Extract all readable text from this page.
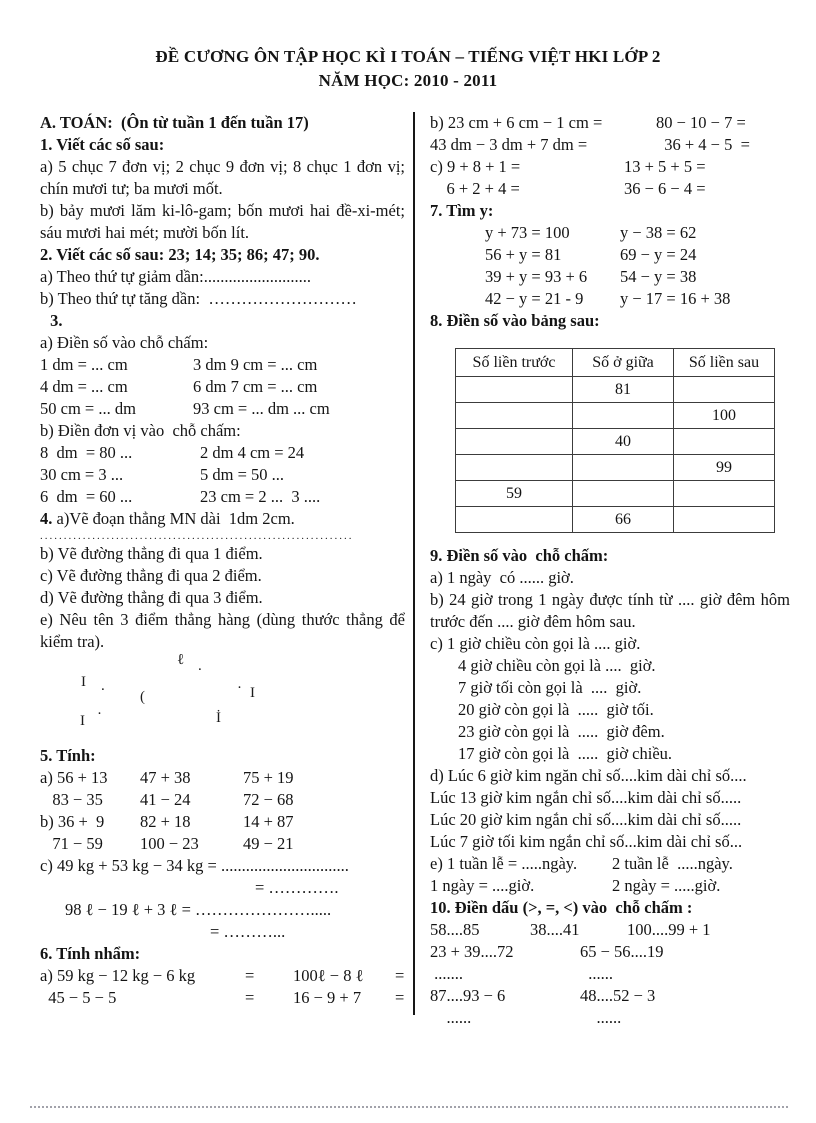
ĐỀ CƯƠNG ÔN TẬP HỌC KÌ I TOÁN – TIẾNG VIỆT HKI LỚP 2
NĂM HỌC: 2010 - 2011
A. TOÁN:  (Ôn từ tuần 1 đến tuần 17)
1. Viết các số sau:
a) 5 chục 7 đơn vị; 2 chục 9 đơn vị; 8 chục 1 đơn vị; chín mươi tư; ba mươi mốt.
b) bảy mươi lăm ki-lô-gam; bốn mươi hai đề-xi-mét; sáu mươi hai mét; mười bốn lít.
2. Viết các số sau: 23; 14; 35; 86; 47; 90.
a) Theo thứ tự giảm dần:..........................
b) Theo thứ tự tăng dần:  ………………………
3.
a) Điền số vào chỗ chấm:
1 dm = ... cm	3 dm 9 cm = ... cm
4 dm = ... cm	6 dm 7 cm = ... cm
50 cm = ... dm	93 cm = ... dm ... cm
b) Điền đơn vị vào  chỗ chấm:
8  dm  = 80 ...	2 dm 4 cm = 24
30 cm = 3 ...	5 dm = 50 ...
6  dm  = 60 ...	23 cm = 2 ...  3 ....
4. a)Vẽ đoạn thẳng MN dài  1dm 2cm.
..................................................................
b) Vẽ đường thẳng đi qua 1 điểm.
c) Vẽ đường thẳng đi qua 2 điểm.
d) Vẽ đường thẳng đi qua 3 điểm.
e) Nêu tên 3 điểm thẳng hàng (dùng thước thẳng để kiểm tra).
ℓ .
I .
(
· I
I ·	İ
5. Tính:
a) 56 + 13	47 + 38	75 + 19
83 − 35	41 − 24	72 − 68
b) 36 +  9	82 + 18	14 + 87
71 − 59	100 − 23	49 − 21
c) 49 kg + 53 kg − 34 kg = ...............................
= ………….
98 ℓ − 19 ℓ + 3 ℓ = ………………….....
= ………...
6. Tính nhẩm:
a) 59 kg − 12 kg − 6 kg	=	100ℓ − 8 ℓ	=
45 − 5 − 5	=	16 − 9 + 7	=
b) 23 cm + 6 cm − 1 cm =	80 − 10 − 7 =
43 dm − 3 dm + 7 dm =	36 + 4 − 5  =
c) 9 + 8 + 1 =	13 + 5 + 5 =
6 + 2 + 4 =	36 − 6 − 4 =
7. Tìm y:
y + 73 = 100	y − 38 = 62
56 + y = 81	69 − y = 24
39 + y = 93 + 6	54 − y = 38
42 − y = 21 - 9	y − 17 = 16 + 38
8. Điền số vào bảng sau:
Số liền trước	Số ở giữa	Số liền sau
	81	
		100
	40	
		99
59		
	66	
9. Điền số vào  chỗ chấm:
a) 1 ngày  có ...... giờ.
b) 24 giờ trong 1 ngày được tính từ .... giờ đêm hôm trước đến .... giờ đêm hôm sau.
c) 1 giờ chiều còn gọi là .... giờ.
4 giờ chiều còn gọi là ....  giờ.
7 giờ tối còn gọi là  ....  giờ.
20 giờ còn gọi là  .....  giờ tối.
23 giờ còn gọi là  .....  giờ đêm.
17 giờ còn gọi là  .....  giờ chiều.
d) Lúc 6 giờ kim ngăn chỉ số....kim dài chỉ số....
Lúc 13 giờ kim ngắn chỉ số....kim dài chỉ số.....
Lúc 20 giờ kim ngắn chỉ số....kim dài chỉ số.....
Lúc 7 giờ tối kim ngắn chỉ số...kim dài chỉ số...
e) 1 tuần lễ = .....ngày.	2 tuần lễ  .....ngày.
1 ngày = ....giờ.	2 ngày = .....giờ.
10. Điền dấu (>, =, <) vào  chỗ chấm :
58....85	38....41	100....99 + 1
23 + 39....72	65 − 56....19
.......	......
87....93 − 6	48....52 − 3
......	......
